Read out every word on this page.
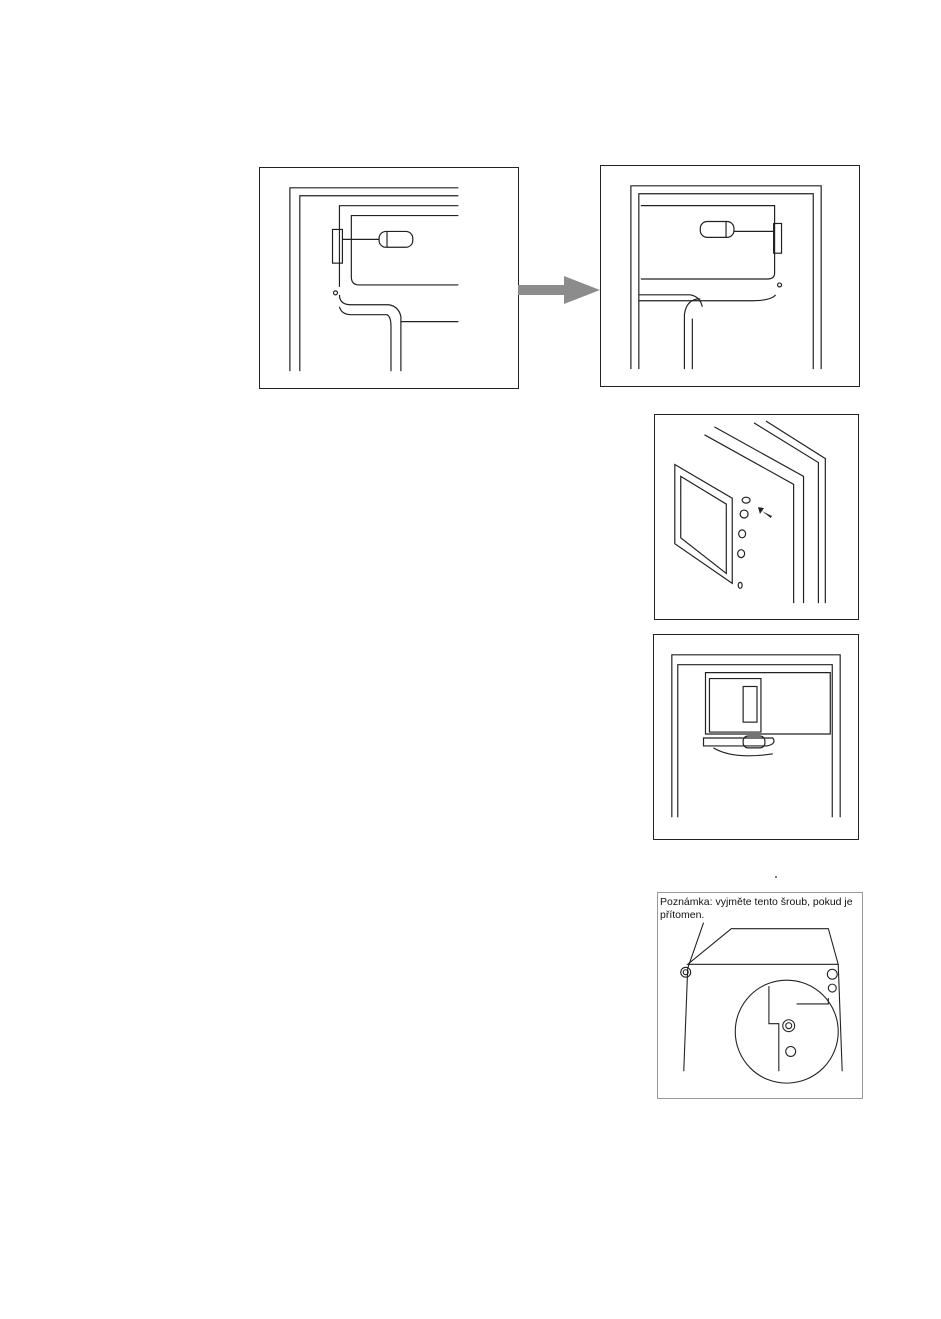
Poznámka: vyjměte tento šroub, pokud je přítomen.
